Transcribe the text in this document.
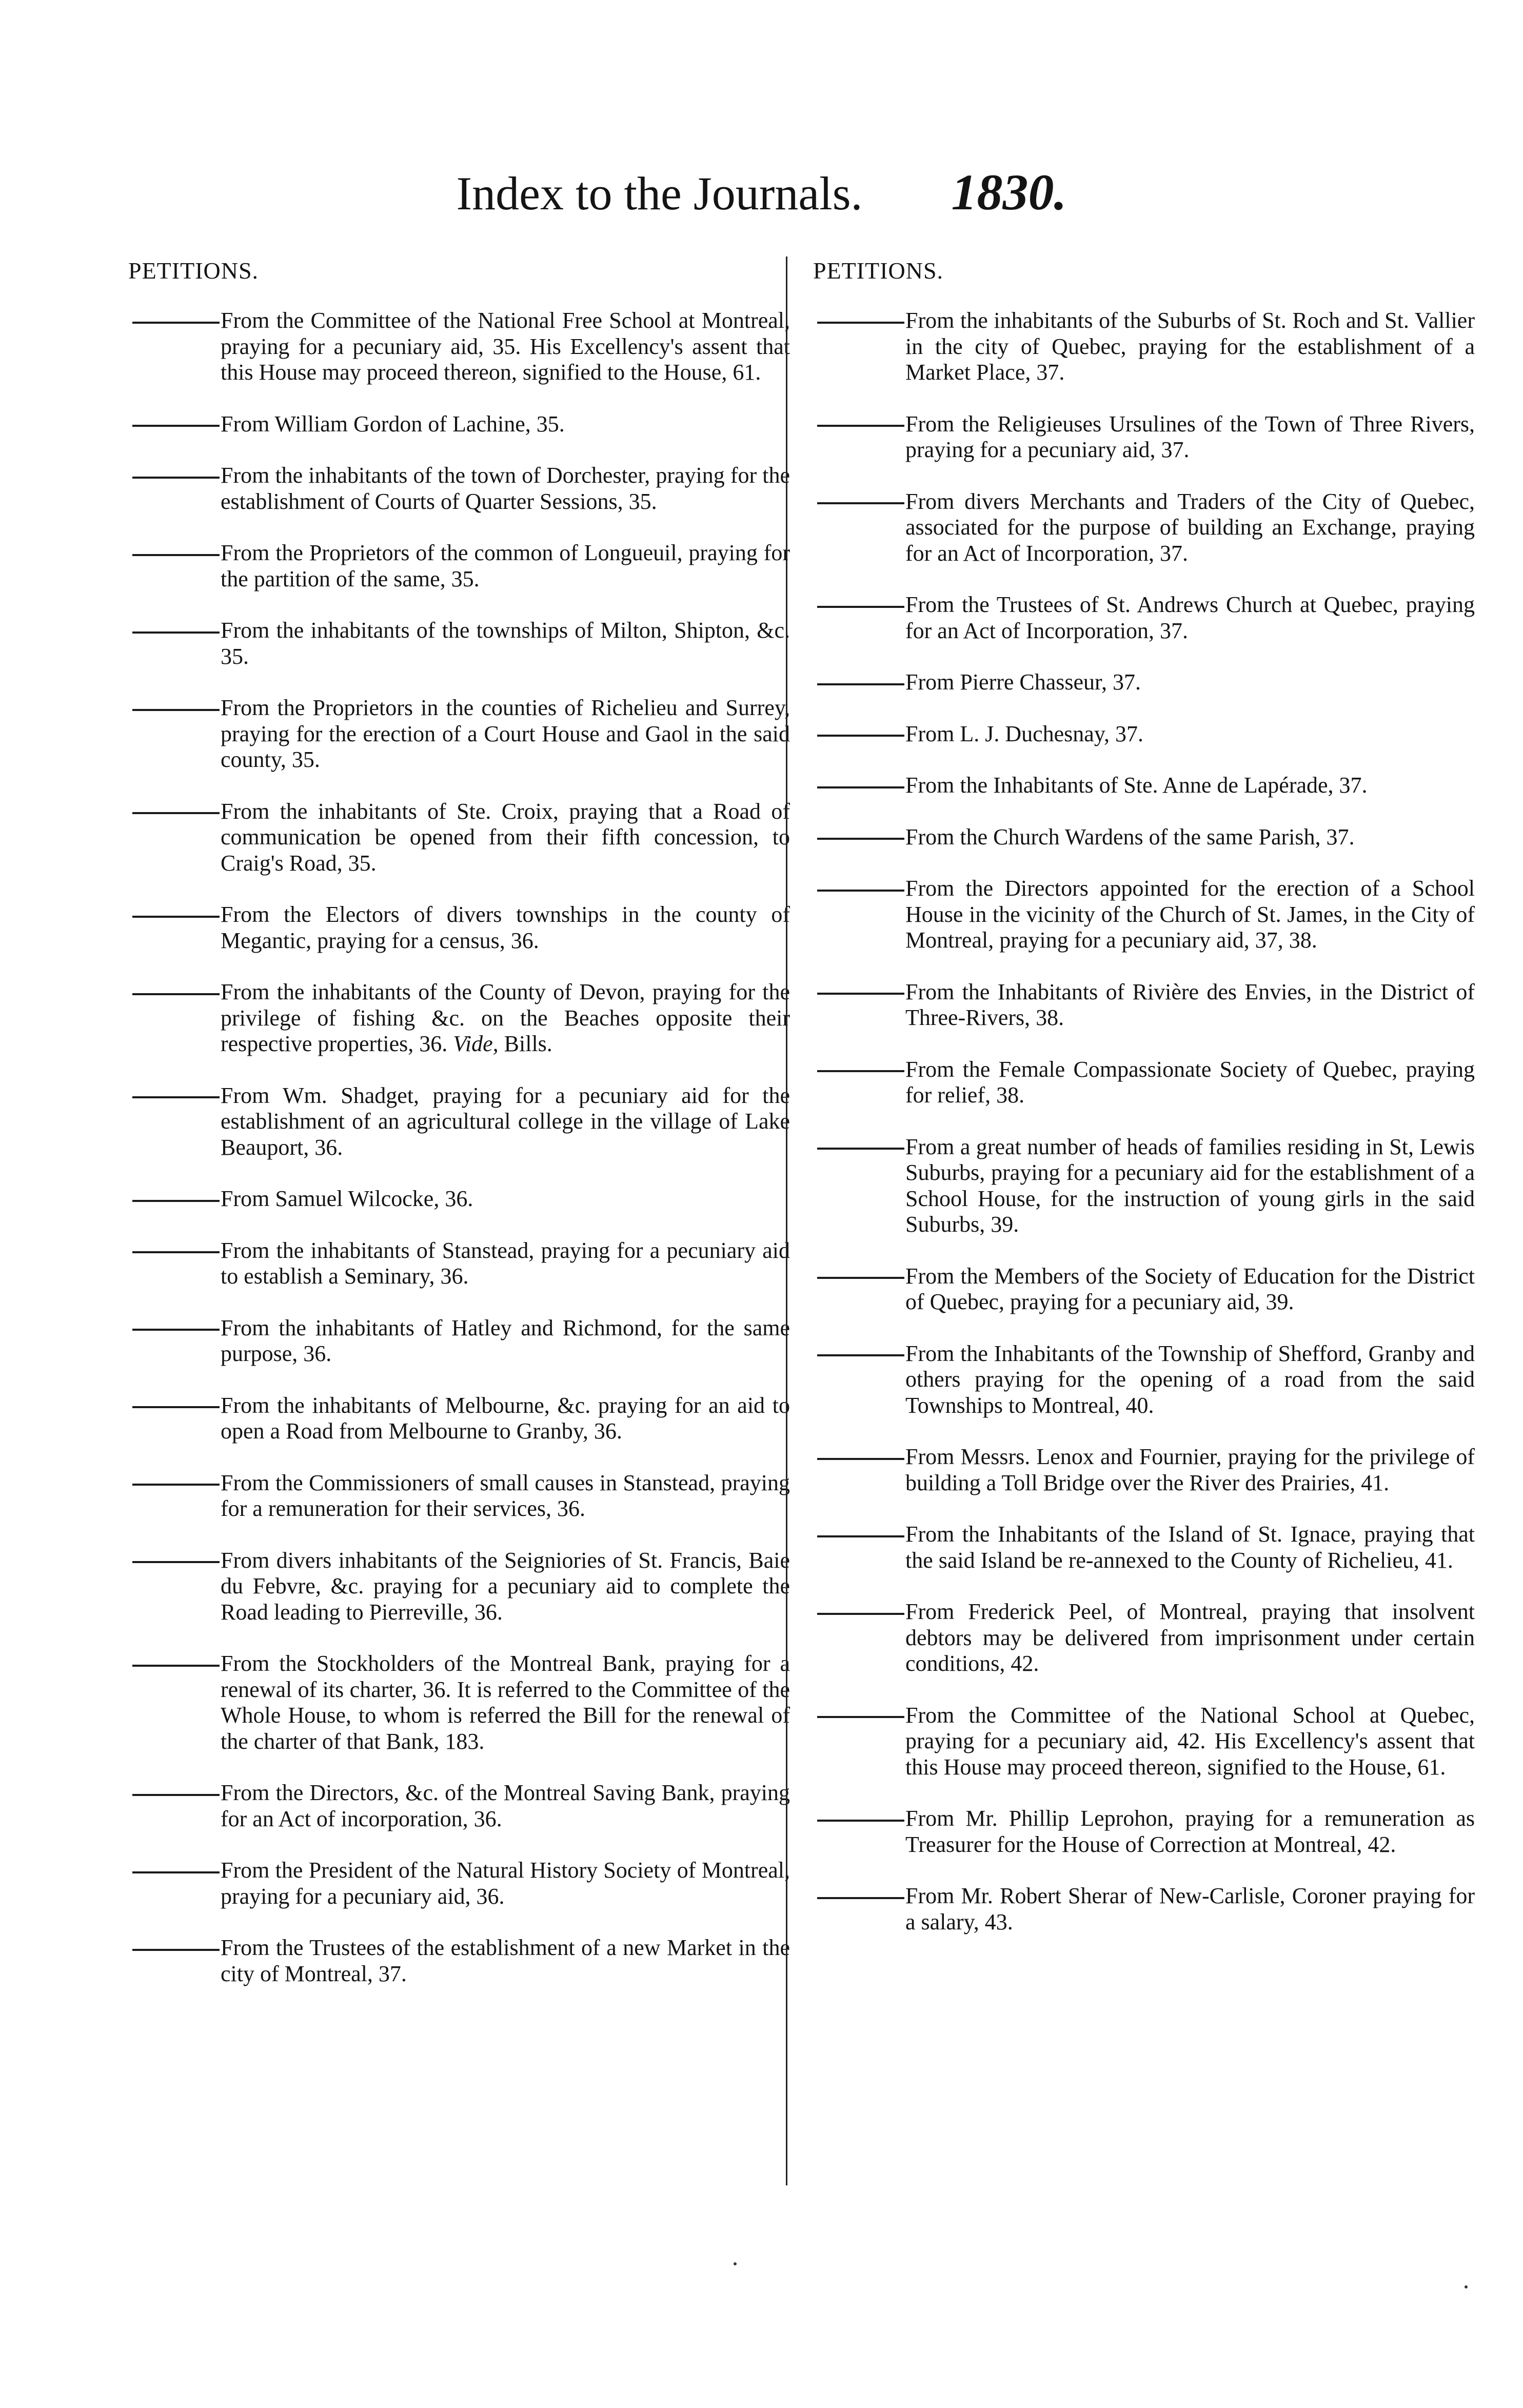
Index to the Journals. 1830.
PETITIONS.

From the Committee of the National Free School at Montreal, praying for a pecuniary aid, 35. His Excellency's assent that this House may proceed thereon, signified to the House, 61.

From William Gordon of Lachine, 35.

From the inhabitants of the town of Dorchester, praying for the establishment of Courts of Quarter Sessions, 35.

From the Proprietors of the common of Longueuil, praying for the partition of the same, 35.

From the inhabitants of the townships of Milton, Shipton, &c. 35.

From the Proprietors in the counties of Richelieu and Surrey, praying for the erection of a Court House and Gaol in the said county, 35.

From the inhabitants of Ste. Croix, praying that a Road of communication be opened from their fifth concession, to Craig's Road, 35.

From the Electors of divers townships in the county of Megantic, praying for a census, 36.

From the inhabitants of the County of Devon, praying for the privilege of fishing &c. on the Beaches opposite their respective properties, 36. Vide, Bills.

From Wm. Shadget, praying for a pecuniary aid for the establishment of an agricultural college in the village of Lake Beauport, 36.

From Samuel Wilcocke, 36.

From the inhabitants of Stanstead, praying for a pecuniary aid to establish a Seminary, 36.

From the inhabitants of Hatley and Richmond, for the same purpose, 36.

From the inhabitants of Melbourne, &c. praying for an aid to open a Road from Melbourne to Granby, 36.

From the Commissioners of small causes in Stanstead, praying for a remuneration for their services, 36.

From divers inhabitants of the Seigniories of St. Francis, Baie du Febvre, &c. praying for a pecuniary aid to complete the Road leading to Pierreville, 36.

From the Stockholders of the Montreal Bank, praying for a renewal of its charter, 36. It is referred to the Committee of the Whole House, to whom is referred the Bill for the renewal of the charter of that Bank, 183.

From the Directors, &c. of the Montreal Saving Bank, praying for an Act of incorporation, 36.

From the President of the Natural History Society of Montreal, praying for a pecuniary aid, 36.

From the Trustees of the establishment of a new Market in the city of Montreal, 37.

PETITIONS.

From the inhabitants of the Suburbs of St. Roch and St. Vallier in the city of Quebec, praying for the establishment of a Market Place, 37.

From the Religieuses Ursulines of the Town of Three Rivers, praying for a pecuniary aid, 37.

From divers Merchants and Traders of the City of Quebec, associated for the purpose of building an Exchange, praying for an Act of Incorporation, 37.

From the Trustees of St. Andrews Church at Quebec, praying for an Act of Incorporation, 37.

From Pierre Chasseur, 37.

From L. J. Duchesnay, 37.

From the Inhabitants of Ste. Anne de Lapérade, 37.

From the Church Wardens of the same Parish, 37.

From the Directors appointed for the erection of a School House in the vicinity of the Church of St. James, in the City of Montreal, praying for a pecuniary aid, 37, 38.

From the Inhabitants of Rivière des Envies, in the District of Three-Rivers, 38.

From the Female Compassionate Society of Quebec, praying for relief, 38.

From a great number of heads of families residing in St, Lewis Suburbs, praying for a pecuniary aid for the establishment of a School House, for the instruction of young girls in the said Suburbs, 39.

From the Members of the Society of Education for the District of Quebec, praying for a pecuniary aid, 39.

From the Inhabitants of the Township of Shefford, Granby and others praying for the opening of a road from the said Townships to Montreal, 40.

From Messrs. Lenox and Fournier, praying for the privilege of building a Toll Bridge over the River des Prairies, 41.

From the Inhabitants of the Island of St. Ignace, praying that the said Island be re-annexed to the County of Richelieu, 41.

From Frederick Peel, of Montreal, praying that insolvent debtors may be delivered from imprisonment under certain conditions, 42.

From the Committee of the National School at Quebec, praying for a pecuniary aid, 42. His Excellency's assent that this House may proceed thereon, signified to the House, 61.

From Mr. Phillip Leprohon, praying for a remuneration as Treasurer for the House of Correction at Montreal, 42.

From Mr. Robert Sherar of New-Carlisle, Coroner praying for a salary, 43.
